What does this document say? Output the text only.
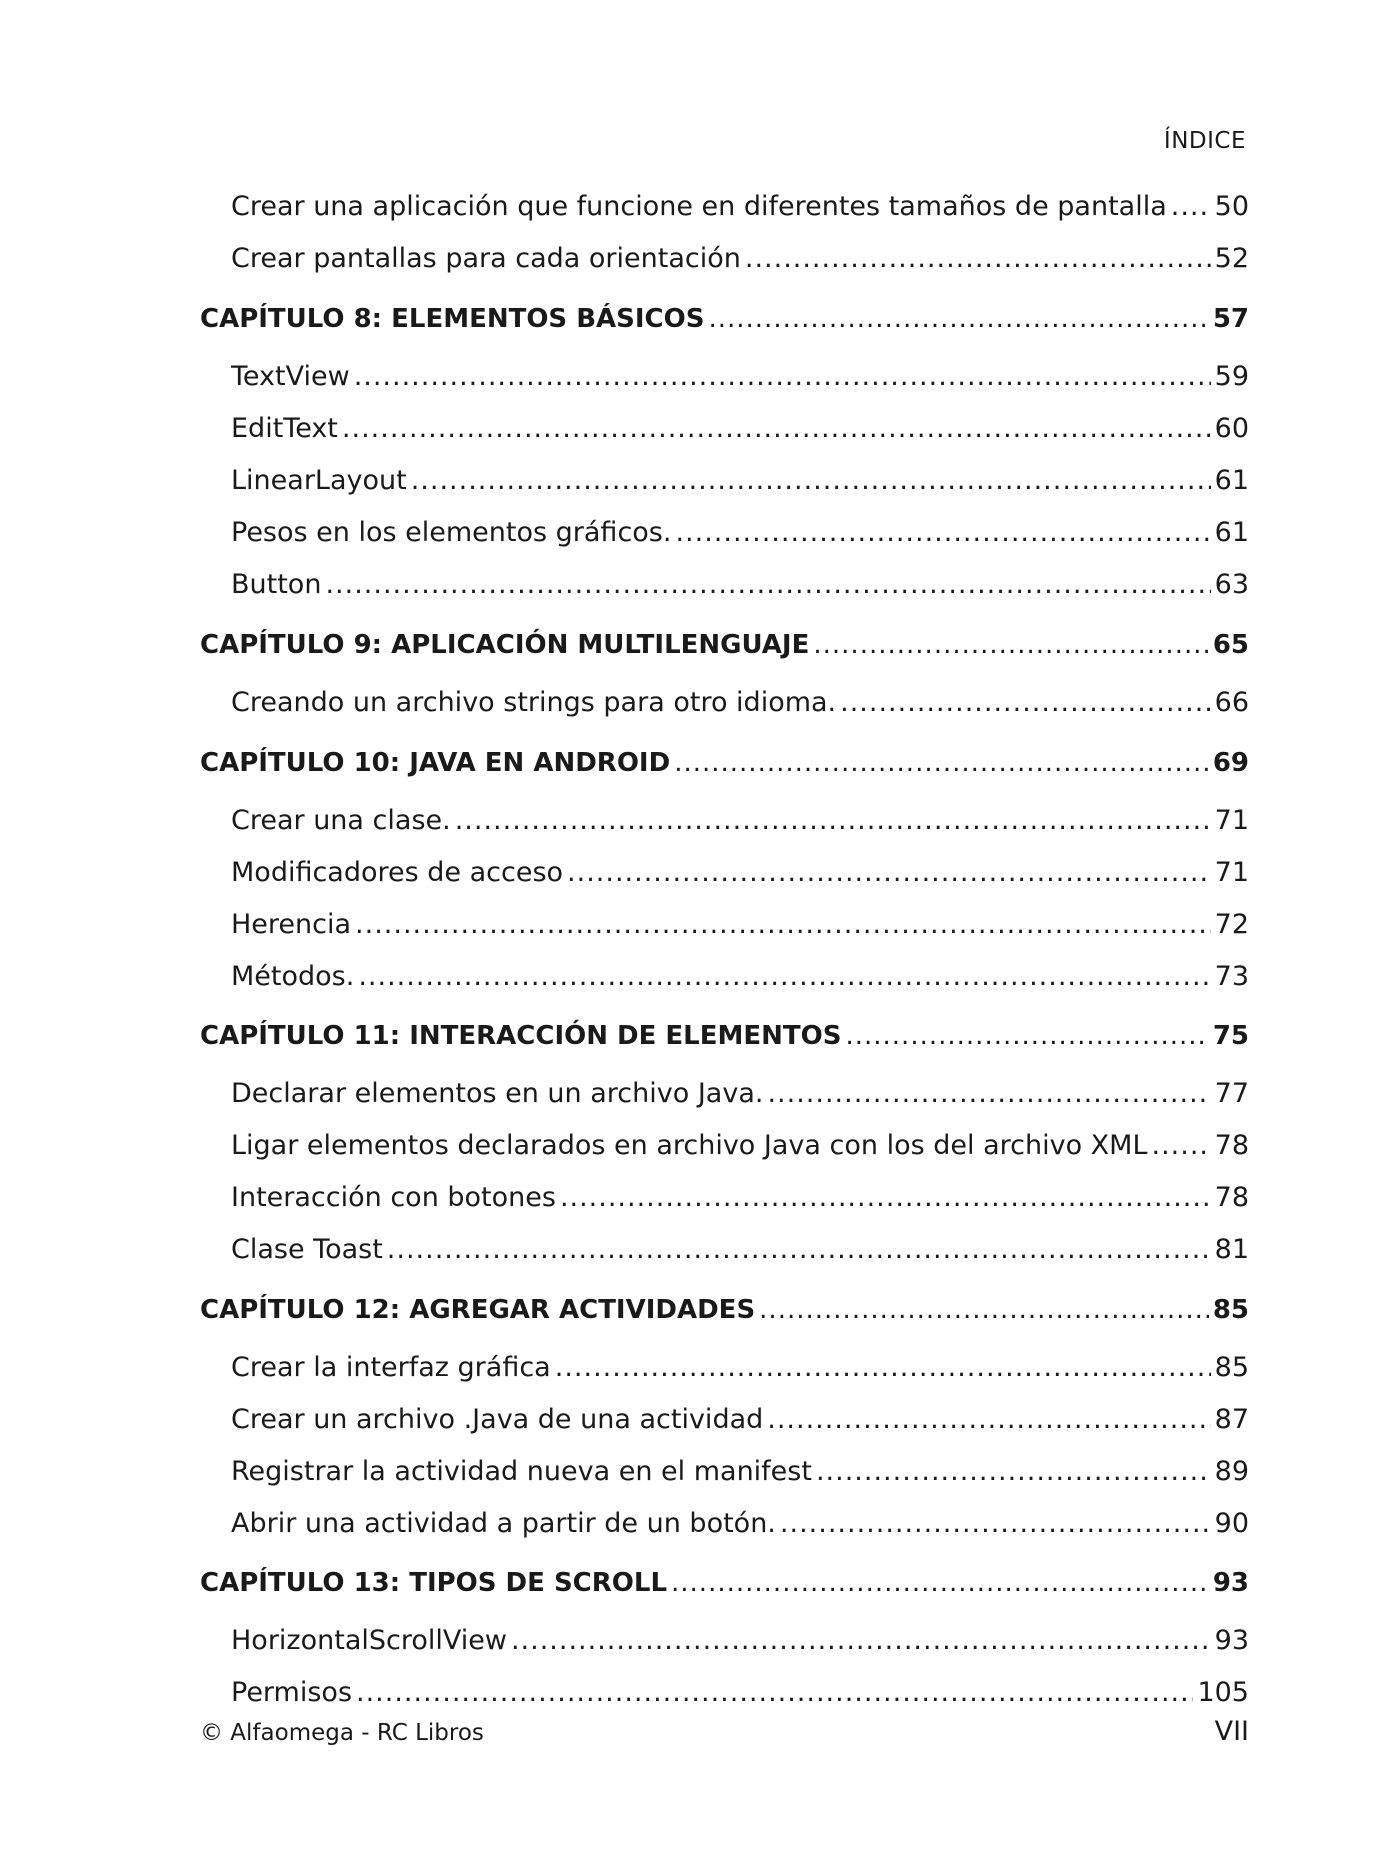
ÍNDICE
Crear una aplicación que funcione en diferentes tamaños de pantalla ..... 50
Crear pantallas para cada orientación .....	52
CAPÍTULO 8: ELEMENTOS BÁSICOS .....	57
TextView .....	59
EditText .....	60
LinearLayout .....	61
Pesos en los elementos gráficos. .....	61
Button .....	63
CAPÍTULO 9: APLICACIÓN MULTILENGUAJE .....	65
Creando un archivo strings para otro idioma. .....	66
CAPÍTULO 10: JAVA EN ANDROID .....	69
Crear una clase. .....	71
Modificadores de acceso .....	71
Herencia .....	72
Métodos. .....	73
CAPÍTULO 11: INTERACCIÓN DE ELEMENTOS .....	75
Declarar elementos en un archivo Java. .....	77
Ligar elementos declarados en archivo Java con los del archivo XML ..... 78
Interacción con botones .....	78
Clase Toast .....	81
CAPÍTULO 12: AGREGAR ACTIVIDADES .....	85
Crear la interfaz gráfica .....	85
Crear un archivo .Java de una actividad .....	87
Registrar la actividad nueva en el manifest .....	89
Abrir una actividad a partir de un botón. .....	90
CAPÍTULO 13: TIPOS DE SCROLL .....	93
HorizontalScrollView .....	93
Permisos .....	105
© Alfaomega - RC Libros	VII
